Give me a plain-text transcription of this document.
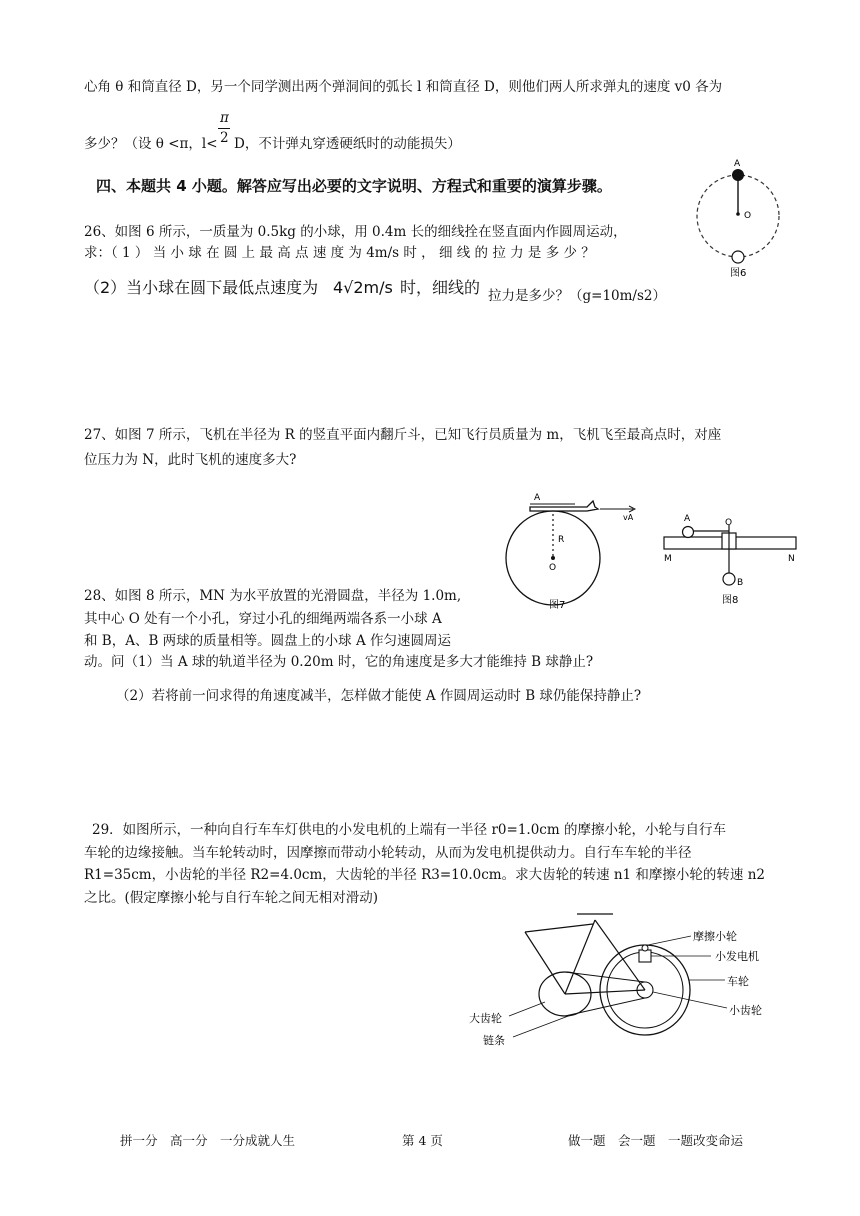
心角 θ 和筒直径 D，另一个同学测出两个弹洞间的弧长 l 和筒直径 D，则他们两人所求弹丸的速度 v0 各为
π
多少？（设 θ <π，l< 2 D，不计弹丸穿透硬纸时的动能损失）
四、本题共 4 小题。解答应写出必要的文字说明、方程式和重要的演算步骤。
A
O
图6
26、如图 6 所示，一质量为 0.5kg 的小球，用 0.4m 长的细线拴在竖直面内作圆周运动，
求：（ 1 ） 当 小 球 在 圆 上 最 高 点 速 度 为 4m/s 时 ， 细 线 的 拉 力 是 多 少 ？
（2）当小球在圆下最低点速度为 4√2m/s 时，细线的 拉力是多少？（g=10m/s2）
27、如图 7 所示，飞机在半径为 R 的竖直平面内翻斤斗，已知飞行员质量为 m，飞机飞至最高点时，对座
位压力为 N，此时飞机的速度多大?
A
vA
R
O
图7
A	O
M	N
B
图8
28、如图 8 所示，MN 为水平放置的光滑圆盘，半径为 1.0m,
其中心 O 处有一个小孔，穿过小孔的细绳两端各系一小球 A
和 B，A、B 两球的质量相等。圆盘上的小球 A 作匀速圆周运
动。问（1）当 A 球的轨道半径为 0.20m 时，它的角速度是多大才能维持 B 球静止?
（2）若将前一问求得的角速度减半，怎样做才能使 A 作圆周运动时 B 球仍能保持静止?
29．如图所示，一种向自行车车灯供电的小发电机的上端有一半径 r0=1.0cm 的摩擦小轮，小轮与自行车
车轮的边缘接触。当车轮转动时，因摩擦而带动小轮转动，从而为发电机提供动力。自行车车轮的半径
R1=35cm，小齿轮的半径 R2=4.0cm，大齿轮的半径 R3=10.0cm。求大齿轮的转速 n1 和摩擦小轮的转速 n2
之比。(假定摩擦小轮与自行车轮之间无相对滑动)
摩擦小轮
小发电机
车轮
小齿轮
大齿轮
链条
拼一分　高一分　一分成就人生	第 4 页	做一题　会一题　一题改变命运
